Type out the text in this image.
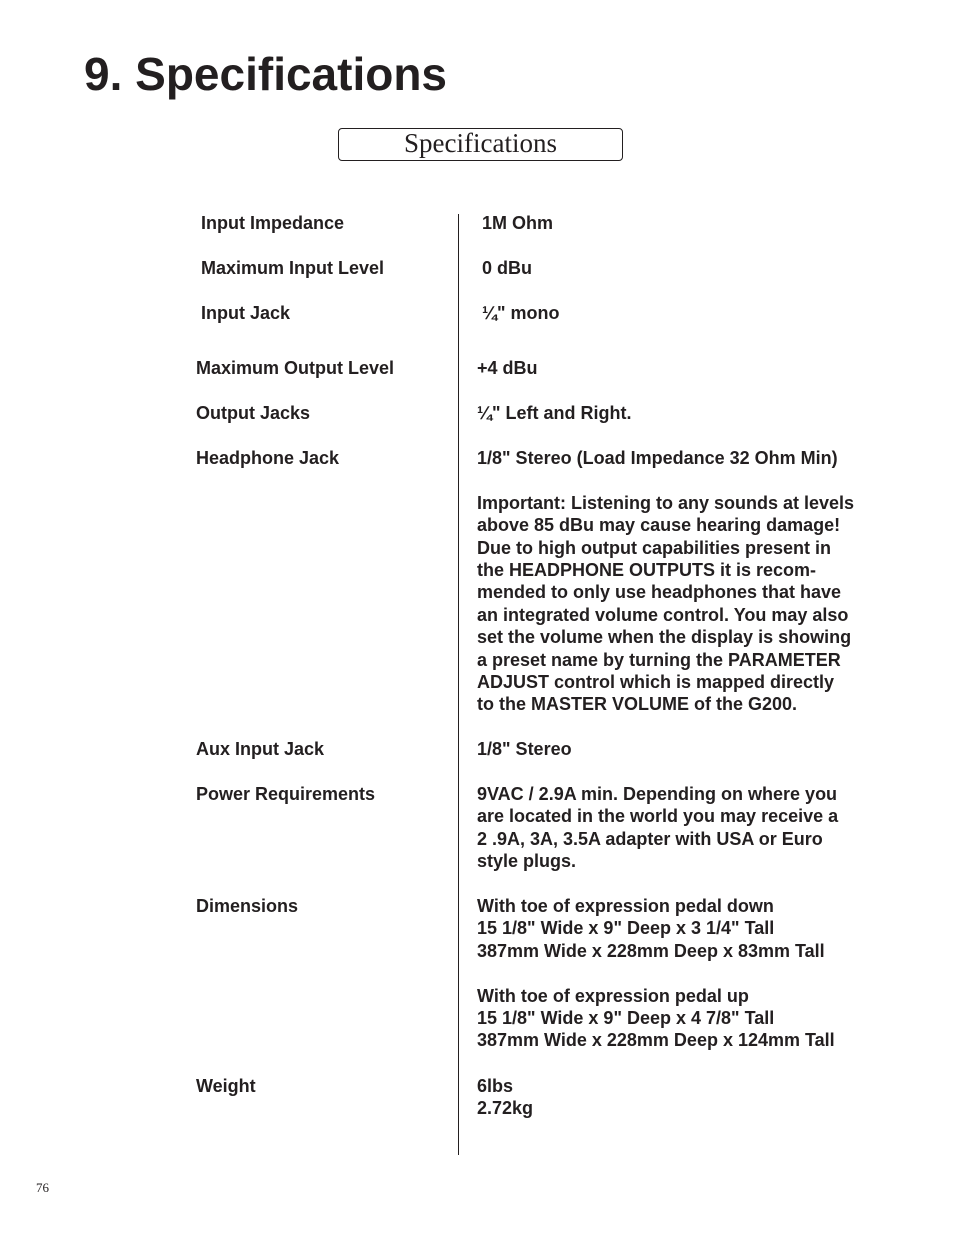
9. Specifications
Specifications

Input Impedance	1M Ohm

Maximum Input Level	0 dBu

Input Jack	¼" mono

Maximum Output Level	+4 dBu

Output Jacks	¼" Left and Right.

Headphone Jack	1/8" Stereo (Load Impedance 32 Ohm Min)

Important: Listening to any sounds at levels
above 85 dBu may cause hearing damage!
Due to high output capabilities present in
the HEADPHONE OUTPUTS it is recom-
mended to only use headphones that have
an integrated volume control. You may also
set the volume when the display is showing
a preset name by turning the PARAMETER
ADJUST control which is mapped directly
to the MASTER VOLUME of the G200.

Aux Input Jack	1/8" Stereo

Power Requirements	9VAC / 2.9A min. Depending on where you
are located in the world you may receive a
2 .9A, 3A, 3.5A adapter with USA or Euro
style plugs.

Dimensions	With toe of expression pedal down
15 1/8" Wide x 9" Deep x 3 1/4" Tall
387mm Wide x 228mm Deep x 83mm Tall

With toe of expression pedal up
15 1/8" Wide x 9" Deep x 4 7/8" Tall
387mm Wide x 228mm Deep x 124mm Tall

Weight	6lbs
2.72kg
76
